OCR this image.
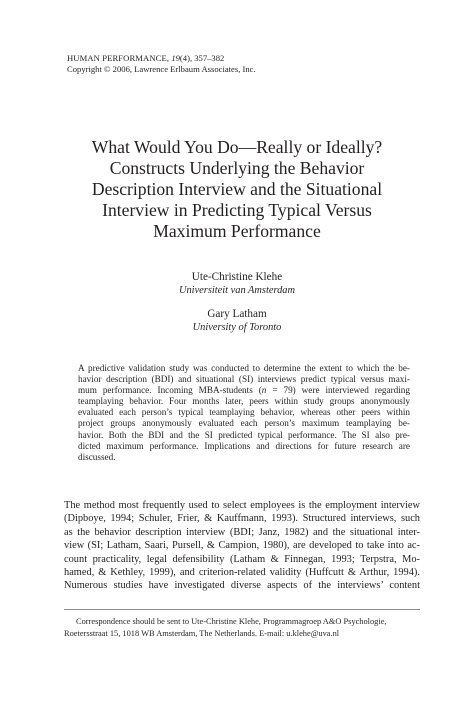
HUMAN PERFORMANCE, 19(4), 357–382
Copyright © 2006, Lawrence Erlbaum Associates, Inc.
What Would You Do—Really or Ideally?
Constructs Underlying the Behavior
Description Interview and the Situational
Interview in Predicting Typical Versus
Maximum Performance
Ute-Christine Klehe
Universiteit van Amsterdam
Gary Latham
University of Toronto
A predictive validation study was conducted to determine the extent to which the be-
havior description (BDI) and situational (SI) interviews predict typical versus maxi-
mum performance. Incoming MBA-students (n = 79) were interviewed regarding
teamplaying behavior. Four months later, peers within study groups anonymously
evaluated each person’s typical teamplaying behavior, whereas other peers within
project groups anonymously evaluated each person’s maximum teamplaying be-
havior. Both the BDI and the SI predicted typical performance. The SI also pre-
dicted maximum performance. Implications and directions for future research are
discussed.
The method most frequently used to select employees is the employment interview
(Dipboye, 1994; Schuler, Frier, & Kauffmann, 1993). Structured interviews, such
as the behavior description interview (BDI; Janz, 1982) and the situational inter-
view (SI; Latham, Saari, Pursell, & Campion, 1980), are developed to take into ac-
count practicality, legal defensibility (Latham & Finnegan, 1993; Terpstra, Mo-
hamed, & Kethley, 1999), and criterion-related validity (Huffcutt & Arthur, 1994).
Numerous studies have investigated diverse aspects of the interviews’ content
Correspondence should be sent to Ute-Christine Klehe, Programmagroep A&O Psychologie,
Roetersstraat 15, 1018 WB Amsterdam, The Netherlands. E-mail: u.klehe@uva.nl
